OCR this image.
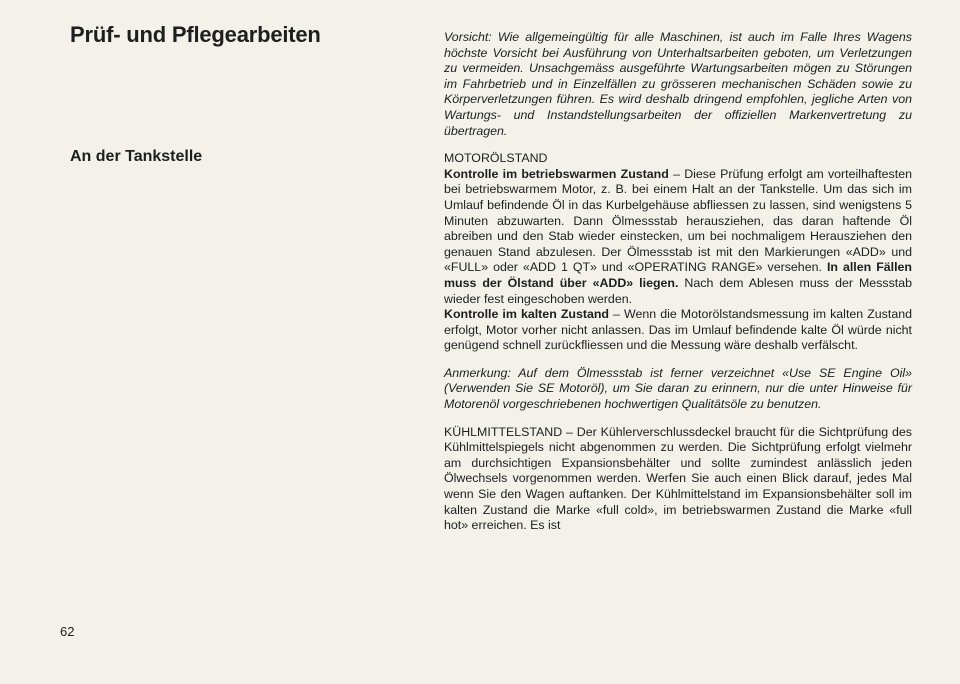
Prüf- und Pflegearbeiten
An der Tankstelle
62

Vorsicht: Wie allgemeingültig für alle Maschinen, ist auch im Falle Ihres Wagens höchste Vorsicht bei Ausführung von Unterhaltsarbeiten geboten, um Verletzungen zu vermeiden. Unsachgemäss ausgeführte Wartungsarbeiten mögen zu Störungen im Fahrbetrieb und in Einzelfällen zu grösseren mechanischen Schäden sowie zu Körperverletzungen führen. Es wird deshalb dringend empfohlen, jegliche Arten von Wartungs- und Instandstellungsarbeiten der offiziellen Markenvertretung zu übertragen.

MOTORÖLSTAND

Kontrolle im betriebswarmen Zustand – Diese Prüfung erfolgt am vorteilhaftesten bei betriebswarmem Motor, z. B. bei einem Halt an der Tankstelle. Um das sich im Umlauf befindende Öl in das Kurbelgehäuse abfliessen zu lassen, sind wenigstens 5 Minuten abzuwarten. Dann Ölmessstab herausziehen, das daran haftende Öl abreiben und den Stab wieder einstecken, um bei nochmaligem Herausziehen den genauen Stand abzulesen. Der Ölmessstab ist mit den Markierungen «ADD» und «FULL» oder «ADD 1 QT» und «OPERATING RANGE» versehen. In allen Fällen muss der Ölstand über «ADD» liegen. Nach dem Ablesen muss der Messstab wieder fest eingeschoben werden.

Kontrolle im kalten Zustand – Wenn die Motorölstandsmessung im kalten Zustand erfolgt, Motor vorher nicht anlassen. Das im Umlauf befindende kalte Öl würde nicht genügend schnell zurückfliessen und die Messung wäre deshalb verfälscht.

Anmerkung: Auf dem Ölmessstab ist ferner verzeichnet «Use SE Engine Oil» (Verwenden Sie SE Motoröl), um Sie daran zu erinnern, nur die unter Hinweise für Motorenöl vorgeschriebenen hochwertigen Qualitätsöle zu benutzen.

KÜHLMITTELSTAND – Der Kühlerverschlussdeckel braucht für die Sichtprüfung des Kühlmittelspiegels nicht abgenommen zu werden. Die Sichtprüfung erfolgt vielmehr am durchsichtigen Expansionsbehälter und sollte zumindest anlässlich jeden Ölwechsels vorgenommen werden. Werfen Sie auch einen Blick darauf, jedes Mal wenn Sie den Wagen auftanken. Der Kühlmittelstand im Expansionsbehälter soll im kalten Zustand die Marke «full cold», im betriebswarmen Zustand die Marke «full hot» erreichen. Es ist
